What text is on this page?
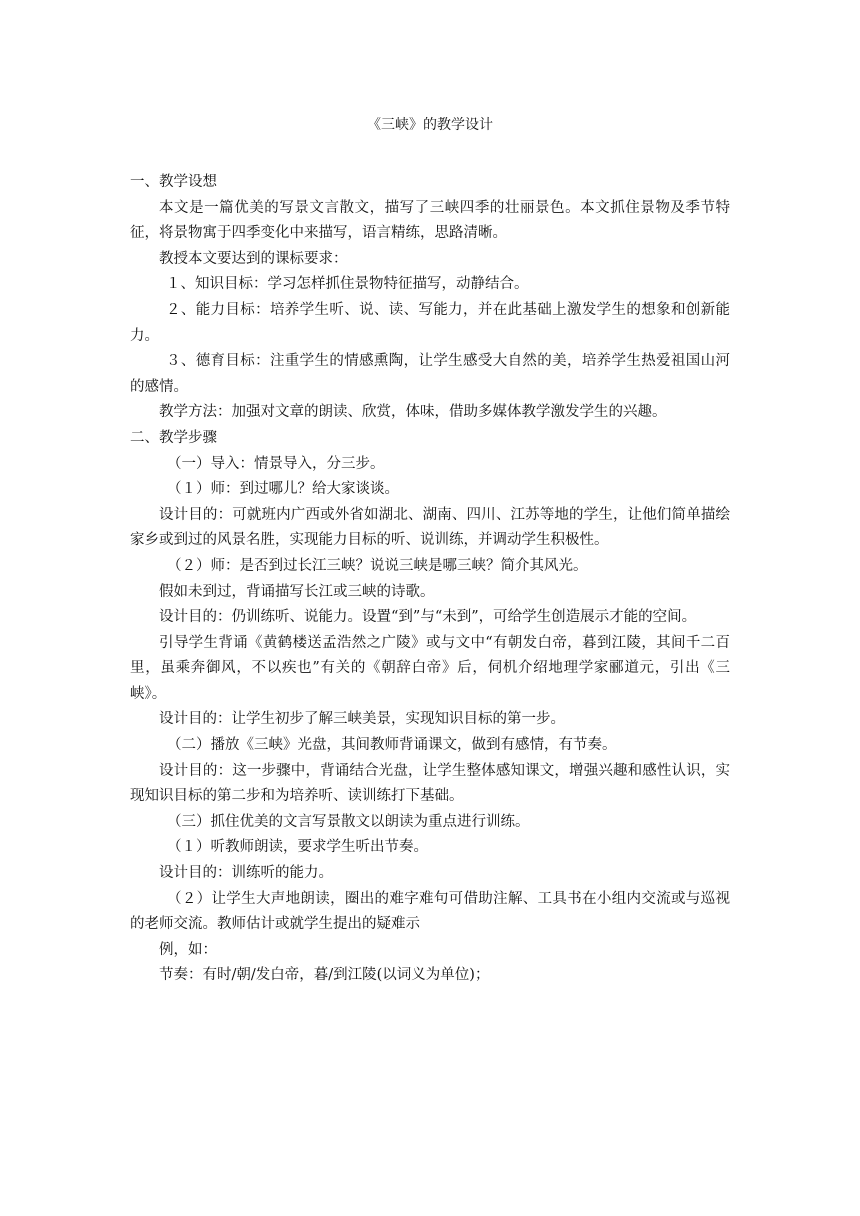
《三峡》的教学设计

一、教学设想

本文是一篇优美的写景文言散文，描写了三峡四季的壮丽景色。本文抓住景物及季节特征，将景物寓于四季变化中来描写，语言精练，思路清晰。

教授本文要达到的课标要求：

１、知识目标：学习怎样抓住景物特征描写，动静结合。

２、能力目标：培养学生听、说、读、写能力，并在此基础上激发学生的想象和创新能力。

３、德育目标：注重学生的情感熏陶，让学生感受大自然的美，培养学生热爱祖国山河的感情。

教学方法：加强对文章的朗读、欣赏，体味，借助多媒体教学激发学生的兴趣。

二、教学步骤

（一）导入：情景导入，分三步。

（１）师：到过哪儿？给大家谈谈。

设计目的：可就班内广西或外省如湖北、湖南、四川、江苏等地的学生，让他们简单描绘家乡或到过的风景名胜，实现能力目标的听、说训练，并调动学生积极性。

（２）师：是否到过长江三峡？说说三峡是哪三峡？简介其风光。

假如未到过，背诵描写长江或三峡的诗歌。

设计目的：仍训练听、说能力。设置“到”与“未到”，可给学生创造展示才能的空间。

引导学生背诵《黄鹤楼送孟浩然之广陵》或与文中“有朝发白帝，暮到江陵，其间千二百里，虽乘奔御风，不以疾也”有关的《朝辞白帝》后，伺机介绍地理学家郦道元，引出《三峡》。

设计目的：让学生初步了解三峡美景，实现知识目标的第一步。

（二）播放《三峡》光盘，其间教师背诵课文，做到有感情，有节奏。

设计目的：这一步骤中，背诵结合光盘，让学生整体感知课文，增强兴趣和感性认识，实现知识目标的第二步和为培养听、读训练打下基础。

（三）抓住优美的文言写景散文以朗读为重点进行训练。

（１）听教师朗读，要求学生听出节奏。

设计目的：训练听的能力。

（２）让学生大声地朗读，圈出的难字难句可借助注解、工具书在小组内交流或与巡视的老师交流。教师估计或就学生提出的疑难示

例，如：

节奏：有时/朝/发白帝，暮/到江陵(以词义为单位)；
